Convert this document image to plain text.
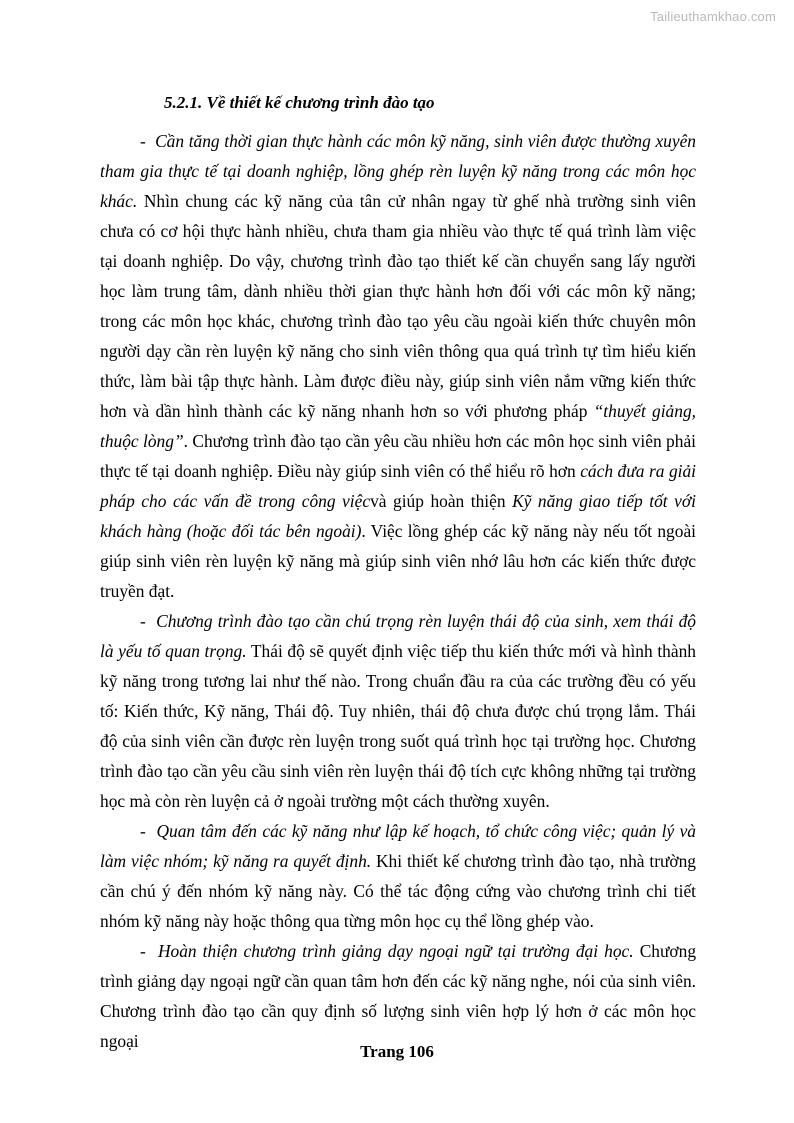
Tailieuthamkhao.com
5.2.1. Về thiết kế chương trình đào tạo

- Cần tăng thời gian thực hành các môn kỹ năng, sinh viên được thường xuyên tham gia thực tế tại doanh nghiệp, lồng ghép rèn luyện kỹ năng trong các môn học khác. Nhìn chung các kỹ năng của tân cử nhân ngay từ ghế nhà trường sinh viên chưa có cơ hội thực hành nhiều, chưa tham gia nhiều vào thực tế quá trình làm việc tại doanh nghiệp. Do vậy, chương trình đào tạo thiết kế cần chuyển sang lấy người học làm trung tâm, dành nhiều thời gian thực hành hơn đối với các môn kỹ năng; trong các môn học khác, chương trình đào tạo yêu cầu ngoài kiến thức chuyên môn người dạy cần rèn luyện kỹ năng cho sinh viên thông qua quá trình tự tìm hiểu kiến thức, làm bài tập thực hành. Làm được điều này, giúp sinh viên nắm vững kiến thức hơn và dần hình thành các kỹ năng nhanh hơn so với phương pháp “thuyết giảng, thuộc lòng”. Chương trình đào tạo cần yêu cầu nhiều hơn các môn học sinh viên phải thực tế tại doanh nghiệp. Điều này giúp sinh viên có thể hiểu rõ hơn cách đưa ra giải pháp cho các vấn đề trong công việcvà giúp hoàn thiện Kỹ năng giao tiếp tốt với khách hàng (hoặc đối tác bên ngoài). Việc lồng ghép các kỹ năng này nếu tốt ngoài giúp sinh viên rèn luyện kỹ năng mà giúp sinh viên nhớ lâu hơn các kiến thức được truyền đạt.

- Chương trình đào tạo cần chú trọng rèn luyện thái độ của sinh, xem thái độ là yếu tố quan trọng. Thái độ sẽ quyết định việc tiếp thu kiến thức mới và hình thành kỹ năng trong tương lai như thế nào. Trong chuẩn đầu ra của các trường đều có yếu tố: Kiến thức, Kỹ năng, Thái độ. Tuy nhiên, thái độ chưa được chú trọng lắm. Thái độ của sinh viên cần được rèn luyện trong suốt quá trình học tại trường học. Chương trình đào tạo cần yêu cầu sinh viên rèn luyện thái độ tích cực không những tại trường học mà còn rèn luyện cả ở ngoài trường một cách thường xuyên.

- Quan tâm đến các kỹ năng như lập kế hoạch, tổ chức công việc; quản lý và làm việc nhóm; kỹ năng ra quyết định. Khi thiết kế chương trình đào tạo, nhà trường cần chú ý đến nhóm kỹ năng này. Có thể tác động cứng vào chương trình chi tiết nhóm kỹ năng này hoặc thông qua từng môn học cụ thể lồng ghép vào.

- Hoàn thiện chương trình giảng dạy ngoại ngữ tại trường đại học. Chương trình giảng dạy ngoại ngữ cần quan tâm hơn đến các kỹ năng nghe, nói của sinh viên. Chương trình đào tạo cần quy định số lượng sinh viên hợp lý hơn ở các môn học ngoại

Trang 106
